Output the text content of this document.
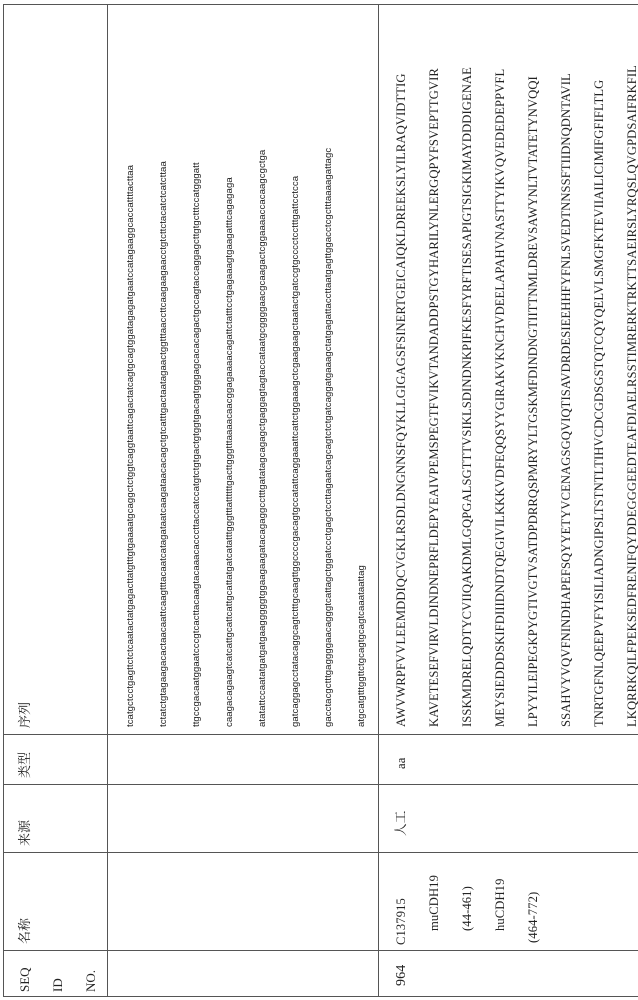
SEQ	ID	NO.

名称

来源

类型

序列				tcatgctcctgagttctctcaatactatgagacttatgtttgtgaaaatgcaggctctggtcaggtaattcagactatcagtgcagtggatagagatgaatccatagaaggcaccattttacttaa	tctatctgtagaagacactaacaattcaagtttacaatcatagataatcaagataacacagctgtcatttgactaatagaactggtttaaccttcaagaagaacctgtcttctacatctcatcttaa	ttgccgacaatggaatcccgtcacttacaagtacaaacacccttaccatccatgtctgtgactgtggtgacagtgggagcacacagactgccagtaccaggagcttgtgctttccatgggatt	caagacagaagtcatcattgcattcattgcattatgatcatatttgggtttattttttgacttgggtttaaaacaacggagaaaacagattctatttcctgagaaagtgaagatttcagagaga	atatattccaatatgatgatgaagggggtggaagaagatacagaggcctttgatatagcagagctgaggagtagtaccataatgcggggaacgcaagactcggaaaaccacaagcgctga	gatcaggagcctatacaggcagtctttgcaagttggccccgacagtgccatattcaggaaattcattctggaaagctcgaagaagctaatactgatccgtgcccctcctttgattcctcca	gacctacgctttgaggggaacagggtcattagctggatccctgagctccttagaatcagcagtctctgatcaggatgaaagctatgagattaccttaatgagttggacctcgctttaaaagattagc	atgcatgtttggttctgcagtgcagtcaaataattag

964

C137915	muCDH19	(44-461)	huCDH19	(464-772)

人工

aa

AWVWRPFVVLEEMDDIQCVGKLRSDLDNGNNSFQYKLLGIGAGSFSINERTGEICAIQKLDREEKSLYILRAQVIDTTIG	KAVETESEFVIRVLDINDNEPRFLDEPYEAIVPEMSPEGTFVIKVTANDADDPSTGYHARILYNLERGQPYFSVEPTTGVIR	ISSKMDRELQDTYCVIIQAKDMLGQPGALSGTTTVSIKLSDINDNKPIFKESFYRFTISESAPIGTSIGKIMAYDDDIGENAE	MEYSIEDDDSKIFDIIIDNDTQEGIVILKKKVDFEQQSYYGIRAKVKNCHVDEELAPAHVNASTTYIKVQVEDEDEPPVFL	LPYYILEIPEGKPYGTIVGTVSATDPDRRQSPMRYYLTGSKMFDINDNGTIITTNMLDREVSAWYNLTVTATETYNVQQI	SSAHVYVQVFNINDHAPEFSQYYETYVCENAGSGQVIQTISAVDRDESIEEHHFYFNLSVEDTNNSSFTIIDNQDNTAVIL	TNRTGFNLQEEPVFYISILIADNGIPSLTSTNTLTIHVCDCGDSGSTQTCQYQELVLSMGFKTEVIIAILICIMIFGFIFLTLG	LKQRRKQILFPEKSEDFRENIFQYDDEGGGEEDTEAFDIAELRSSTIMRERKTRKTTSAEIRSLYRQSLQVGPDSAIFRKFIL
